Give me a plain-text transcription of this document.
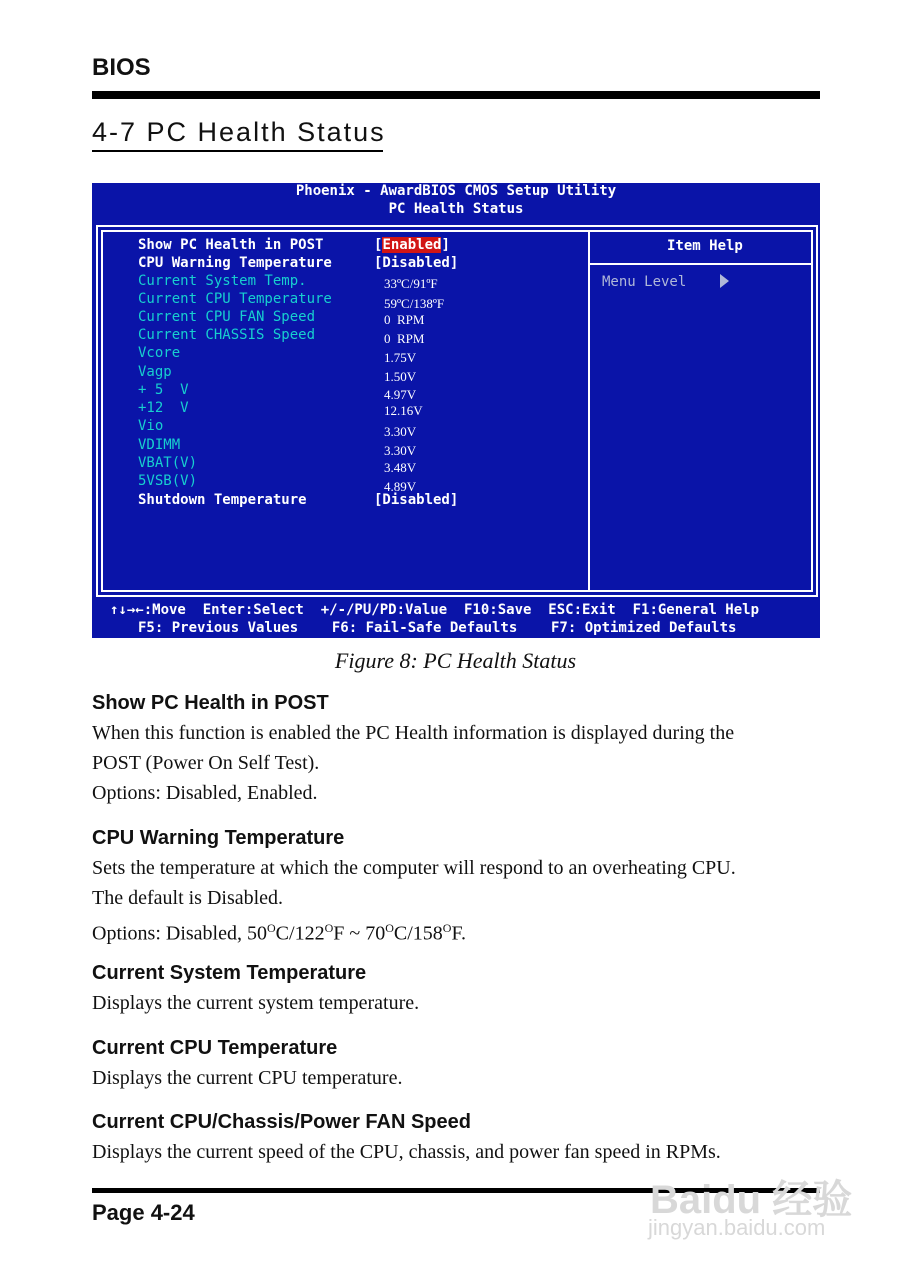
BIOS
4-7 PC Health Status
Phoenix - AwardBIOS CMOS Setup Utility
PC Health Status
Item Help
Menu Level
Show PC Health in POST	[Enabled]
CPU Warning Temperature	[Disabled]
Current System Temp.	33ºC/91ºF
Current CPU Temperature	59ºC/138ºF
Current CPU FAN Speed	0  RPM
Current CHASSIS Speed	0  RPM
Vcore	1.75V
Vagp	1.50V
+ 5  V	4.97V
+12  V	12.16V
Vio	3.30V
VDIMM	3.30V
VBAT(V)	3.48V
5VSB(V)	4.89V
Shutdown Temperature	[Disabled]
↑↓→←:Move  Enter:Select  +/-/PU/PD:Value  F10:Save  ESC:Exit  F1:General Help
F5: Previous Values    F6: Fail-Safe Defaults    F7: Optimized Defaults
Figure 8: PC Health Status
Show PC Health in POST
When this function is enabled the PC Health information is displayed during the
POST (Power On Self Test).
Options: Disabled, Enabled.
CPU Warning Temperature
Sets the temperature at which the computer will respond to an overheating CPU.
The default is Disabled.
Options: Disabled, $50^OC/122^OF$ ~ $70^OC/158^OF$.
Current System Temperature
Displays the current system temperature.
Current CPU Temperature
Displays the current CPU temperature.
Current CPU/Chassis/Power FAN Speed
Displays the current speed of the CPU, chassis, and power fan speed in RPMs.
Page 4-24	Baidu 经验
jingyan.baidu.com
